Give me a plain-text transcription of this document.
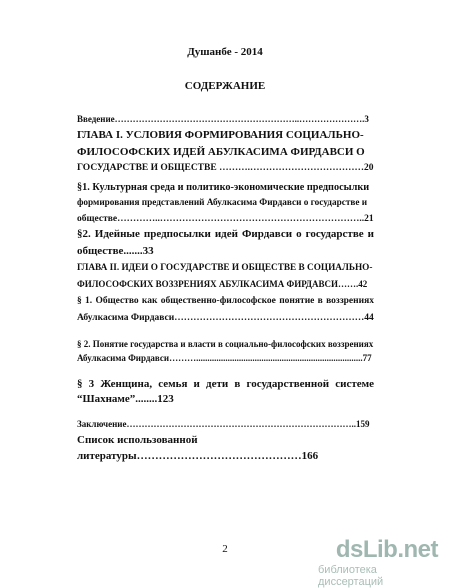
Душанбе - 2014
СОДЕРЖАНИЕ
Введение……………………………………………………..………………….3
ГЛАВА I. УСЛОВИЯ ФОРМИРОВАНИЯ СОЦИАЛЬНО-
ФИЛОСОФСКИХ ИДЕЙ АБУЛКАСИМА ФИРДАВСИ О
ГОСУДАРСТВЕ И ОБЩЕСТВЕ ……….………………………………20
§1. Культурная среда и политико-экономические предпосылки
формирования представлений Абулкасима Фирдавси о государстве и
обществе…………..………………………………………………………..21
§2. Идейные предпосылки идей Фирдавси о государстве и
обществе.......33
ГЛАВА II. ИДЕИ О ГОСУДАРСТВЕ И ОБЩЕСТВЕ В СОЦИАЛЬНО-
ФИЛОСОФСКИХ ВОЗЗРЕНИЯХ АБУЛКАСИМА ФИРДАВСИ…….42
§ 1. Общество как общественно-философское понятие в воззрениях
Абулкасима Фирдавси……………………………………………………44
§ 2. Понятие государства и власти в социально-философских воззрениях
Абулкасима Фирдавси………..........................................................................77
§ 3 Женщина, семья и дети в государственной системе
“Шахнаме”........123
Заключение…………………………………………………………………..159
Список использованной
литературы………………………………………166
2	dsLib.net
библиотека диссертаций
